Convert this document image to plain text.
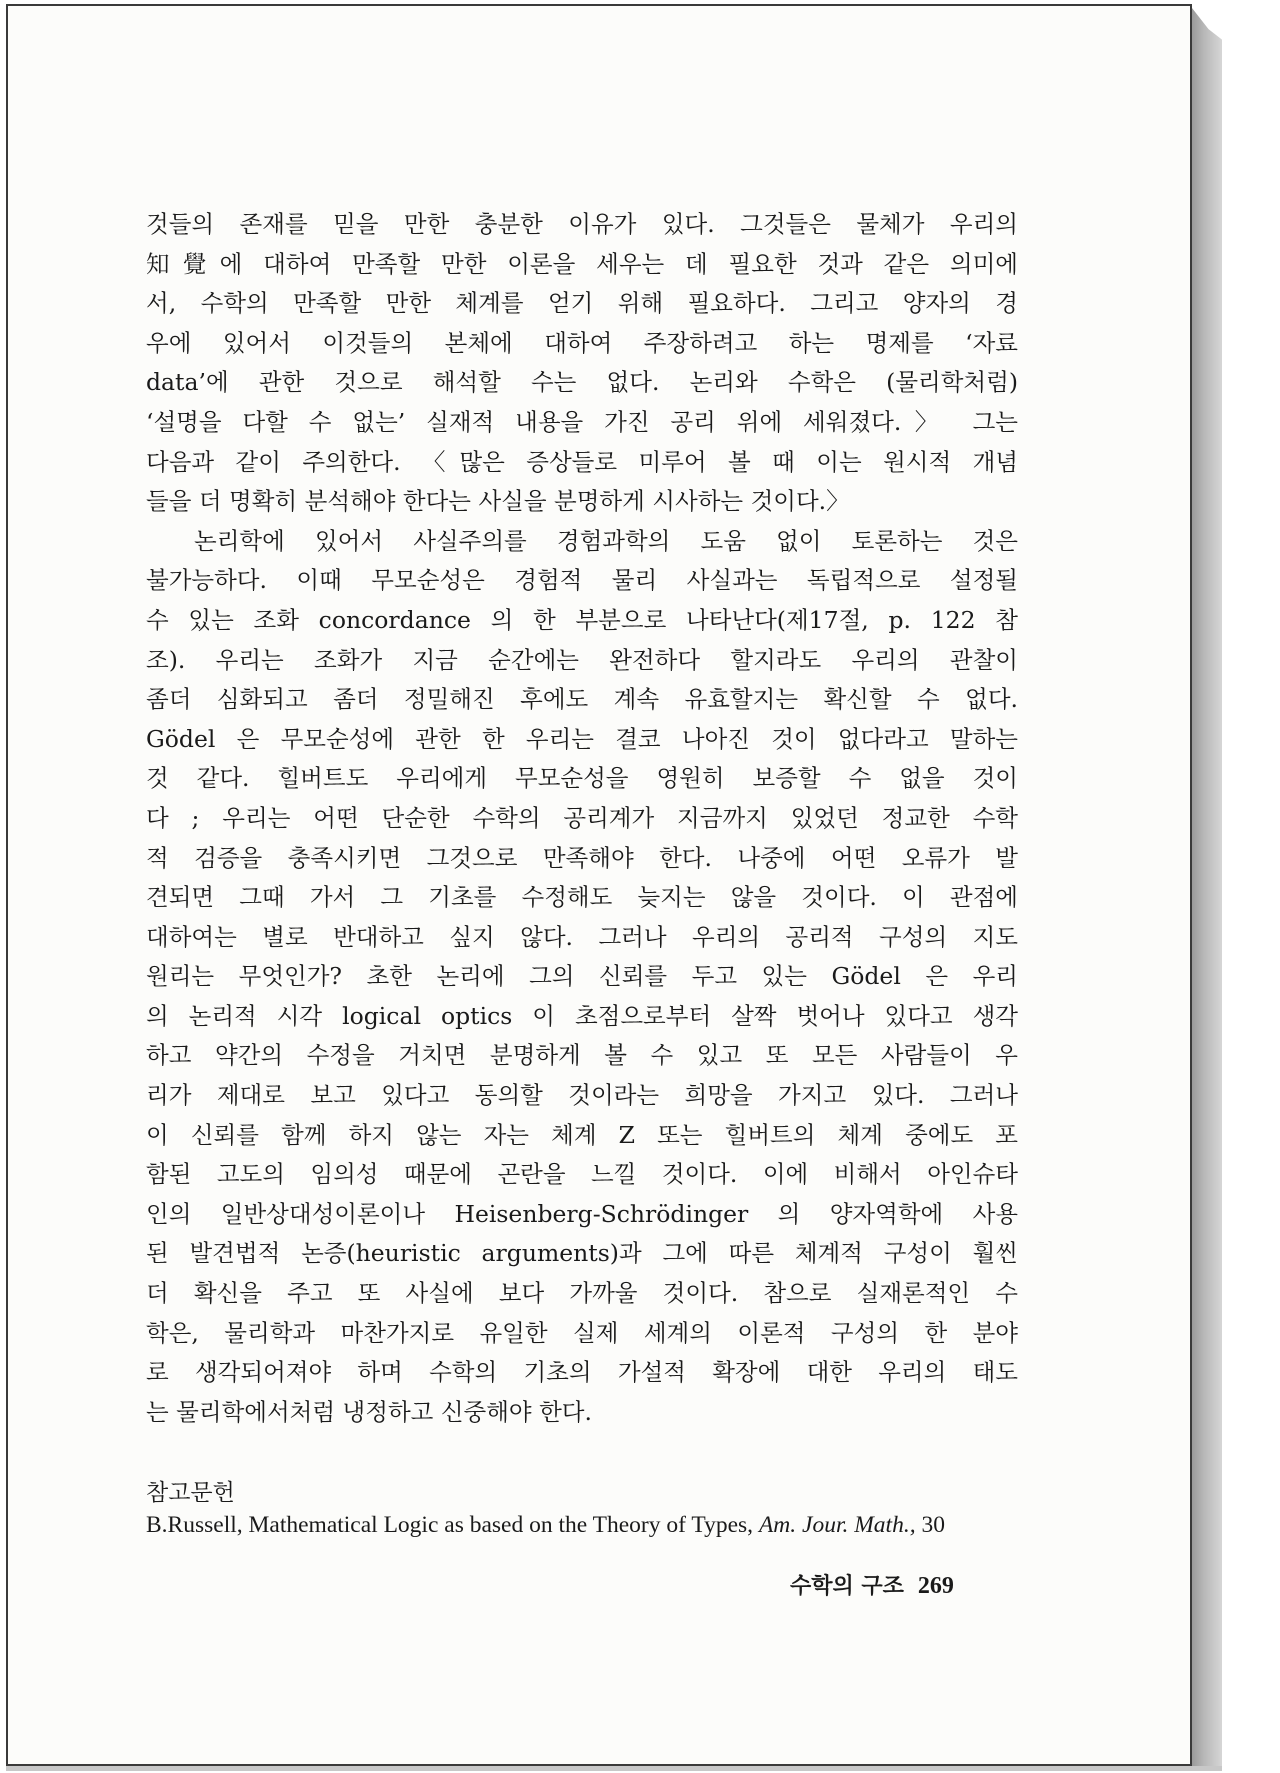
것들의 존재를 믿을 만한 충분한 이유가 있다. 그것들은 물체가 우리의
知覺에 대하여 만족할 만한 이론을 세우는 데 필요한 것과 같은 의미에
서, 수학의 만족할 만한 체계를 얻기 위해 필요하다. 그리고 양자의 경
우에 있어서 이것들의 본체에 대하여 주장하려고 하는 명제를 ‘자료
data’에 관한 것으로 해석할 수는 없다. 논리와 수학은 (물리학처럼)
‘설명을 다할 수 없는’ 실재적 내용을 가진 공리 위에 세워졌다.〉 그는
다음과 같이 주의한다. 〈많은 증상들로 미루어 볼 때 이는 원시적 개념
들을 더 명확히 분석해야 한다는 사실을 분명하게 시사하는 것이다.〉
논리학에 있어서 사실주의를 경험과학의 도움 없이 토론하는 것은
불가능하다. 이때 무모순성은 경험적 물리 사실과는 독립적으로 설정될
수 있는 조화 concordance 의 한 부분으로 나타난다(제17절, p. 122 참
조). 우리는 조화가 지금 순간에는 완전하다 할지라도 우리의 관찰이
좀더 심화되고 좀더 정밀해진 후에도 계속 유효할지는 확신할 수 없다.
Gödel 은 무모순성에 관한 한 우리는 결코 나아진 것이 없다라고 말하는
것 같다. 힐버트도 우리에게 무모순성을 영원히 보증할 수 없을 것이
다 ; 우리는 어떤 단순한 수학의 공리계가 지금까지 있었던 정교한 수학
적 검증을 충족시키면 그것으로 만족해야 한다. 나중에 어떤 오류가 발
견되면 그때 가서 그 기초를 수정해도 늦지는 않을 것이다. 이 관점에
대하여는 별로 반대하고 싶지 않다. 그러나 우리의 공리적 구성의 지도
원리는 무엇인가? 초한 논리에 그의 신뢰를 두고 있는 Gödel 은 우리
의 논리적 시각 logical optics 이 초점으로부터 살짝 벗어나 있다고 생각
하고 약간의 수정을 거치면 분명하게 볼 수 있고 또 모든 사람들이 우
리가 제대로 보고 있다고 동의할 것이라는 희망을 가지고 있다. 그러나
이 신뢰를 함께 하지 않는 자는 체계 Z 또는 힐버트의 체계 중에도 포
함된 고도의 임의성 때문에 곤란을 느낄 것이다. 이에 비해서 아인슈타
인의 일반상대성이론이나 Heisenberg-Schrödinger 의 양자역학에 사용
된 발견법적 논증(heuristic arguments)과 그에 따른 체계적 구성이 훨씬
더 확신을 주고 또 사실에 보다 가까울 것이다. 참으로 실재론적인 수
학은, 물리학과 마찬가지로 유일한 실제 세계의 이론적 구성의 한 분야
로 생각되어져야 하며 수학의 기초의 가설적 확장에 대한 우리의 태도
는 물리학에서처럼 냉정하고 신중해야 한다.
참고문헌
B.Russell, Mathematical Logic as based on the Theory of Types, Am. Jour. Math., 30
수학의 구조 269
